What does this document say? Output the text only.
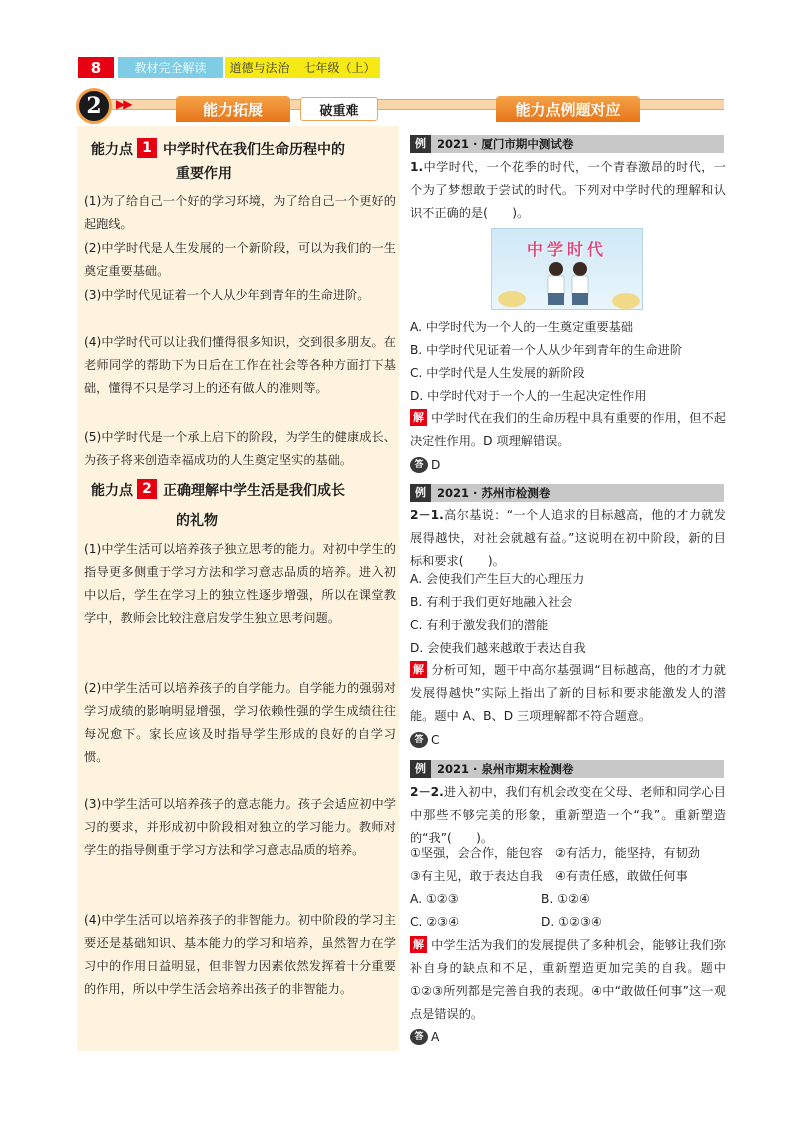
8	教材完全解读	道德与法治 七年级（上）
2	▶▶	能力拓展	破重难	能力点例题对应
能力点 1 中学时代在我们生命历程中的
重要作用
(1)为了给自己一个好的学习环境，为了给自己一个更好的起跑线。
(2)中学时代是人生发展的一个新阶段，可以为我们的一生奠定重要基础。
(3)中学时代见证着一个人从少年到青年的生命进阶。
(4)中学时代可以让我们懂得很多知识，交到很多朋友。在老师同学的帮助下为日后在工作在社会等各种方面打下基础，懂得不只是学习上的还有做人的准则等。
(5)中学时代是一个承上启下的阶段，为学生的健康成长、为孩子将来创造幸福成功的人生奠定坚实的基础。
能力点 2 正确理解中学生活是我们成长
的礼物
(1)中学生活可以培养孩子独立思考的能力。对初中学生的指导更多侧重于学习方法和学习意志品质的培养。进入初中以后，学生在学习上的独立性逐步增强，所以在课堂教学中，教师会比较注意启发学生独立思考问题。
(2)中学生活可以培养孩子的自学能力。自学能力的强弱对学习成绩的影响明显增强，学习依赖性强的学生成绩往往每况愈下。家长应该及时指导学生形成的良好的自学习惯。
(3)中学生活可以培养孩子的意志能力。孩子会适应初中学习的要求，并形成初中阶段相对独立的学习能力。教师对学生的指导侧重于学习方法和学习意志品质的培养。
(4)中学生活可以培养孩子的非智能力。初中阶段的学习主要还是基础知识、基本能力的学习和培养，虽然智力在学习中的作用日益明显，但非智力因素依然发挥着十分重要的作用，所以中学生活会培养出孩子的非智能力。
例 2021 · 厦门市期中测试卷
1.中学时代，一个花季的时代，一个青春激昂的时代，一个为了梦想敢于尝试的时代。下列对中学时代的理解和认识不正确的是(　　)。
中学时代
A. 中学时代为一个人的一生奠定重要基础
B. 中学时代见证着一个人从少年到青年的生命进阶
C. 中学时代是人生发展的新阶段
D. 中学时代对于一个人的一生起决定性作用
解 中学时代在我们的生命历程中具有重要的作用，但不起决定性作用。D 项理解错误。
答 D
例 2021 · 苏州市检测卷
2－1.高尔基说：“一个人追求的目标越高，他的才力就发展得越快，对社会就越有益。”这说明在初中阶段，新的目标和要求(　　)。
A. 会使我们产生巨大的心理压力
B. 有利于我们更好地融入社会
C. 有利于激发我们的潜能
D. 会使我们越来越敢于表达自我
解 分析可知，题干中高尔基强调“目标越高，他的才力就发展得越快”实际上指出了新的目标和要求能激发人的潜能。题中 A、B、D 三项理解都不符合题意。
答 C
例 2021 · 泉州市期末检测卷
2－2.进入初中，我们有机会改变在父母、老师和同学心目中那些不够完美的形象，重新塑造一个“我”。重新塑造的“我”(　　)。
①坚强，会合作，能包容　②有活力，能坚持，有韧劲
③有主见，敢于表达自我　④有责任感，敢做任何事
A. ①②③	B. ①②④
C. ②③④	D. ①②③④
解 中学生活为我们的发展提供了多种机会，能够让我们弥补自身的缺点和不足，重新塑造更加完美的自我。题中①②③所列都是完善自我的表现。④中“敢做任何事”这一观点是错误的。
答 A
